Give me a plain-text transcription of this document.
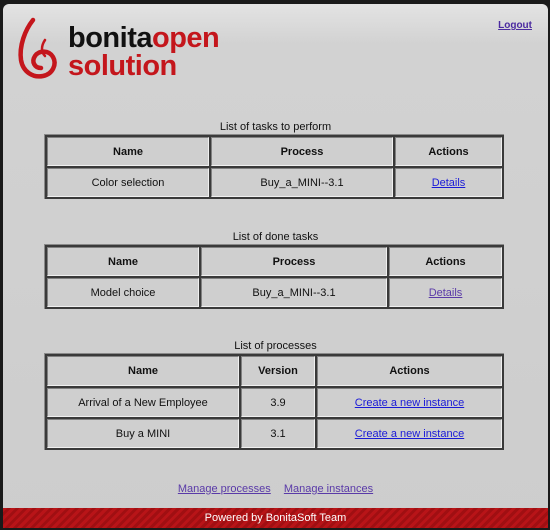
bonitaopen
solution
Logout
List of tasks to perform
Name	Process	Actions
Color selection	Buy_a_MINI--3.1	Details
List of done tasks
Name	Process	Actions
Model choice	Buy_a_MINI--3.1	Details
List of processes
Name	Version	Actions
Arrival of a New Employee	3.9	Create a new instance
Buy a MINI	3.1	Create a new instance
Manage processes Manage instances
Powered by BonitaSoft Team
